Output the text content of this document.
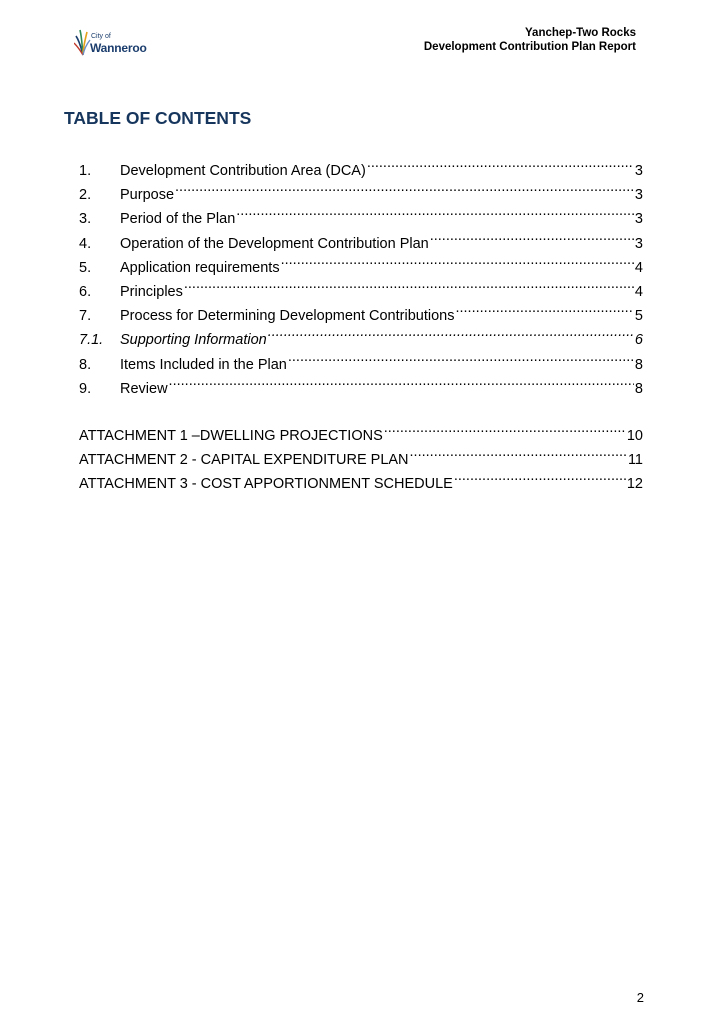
City of
Wanneroo
Yanchep-Two Rocks
Development Contribution Plan Report
TABLE OF CONTENTS
1.	Development Contribution Area (DCA) .....	3
2.	Purpose .....	3
3.	Period of the Plan .....	3
4.	Operation of the Development Contribution Plan .....	3
5.	Application requirements .....	4
6.	Principles .....	4
7.	Process for Determining Development Contributions .....	5
7.1.	Supporting Information .....	6
8.	Items Included in the Plan .....	8
9.	Review .....	8
ATTACHMENT 1 –DWELLING PROJECTIONS .....	10
ATTACHMENT 2 - CAPITAL EXPENDITURE PLAN .....	11
ATTACHMENT 3 - COST APPORTIONMENT SCHEDULE .....	12
2
